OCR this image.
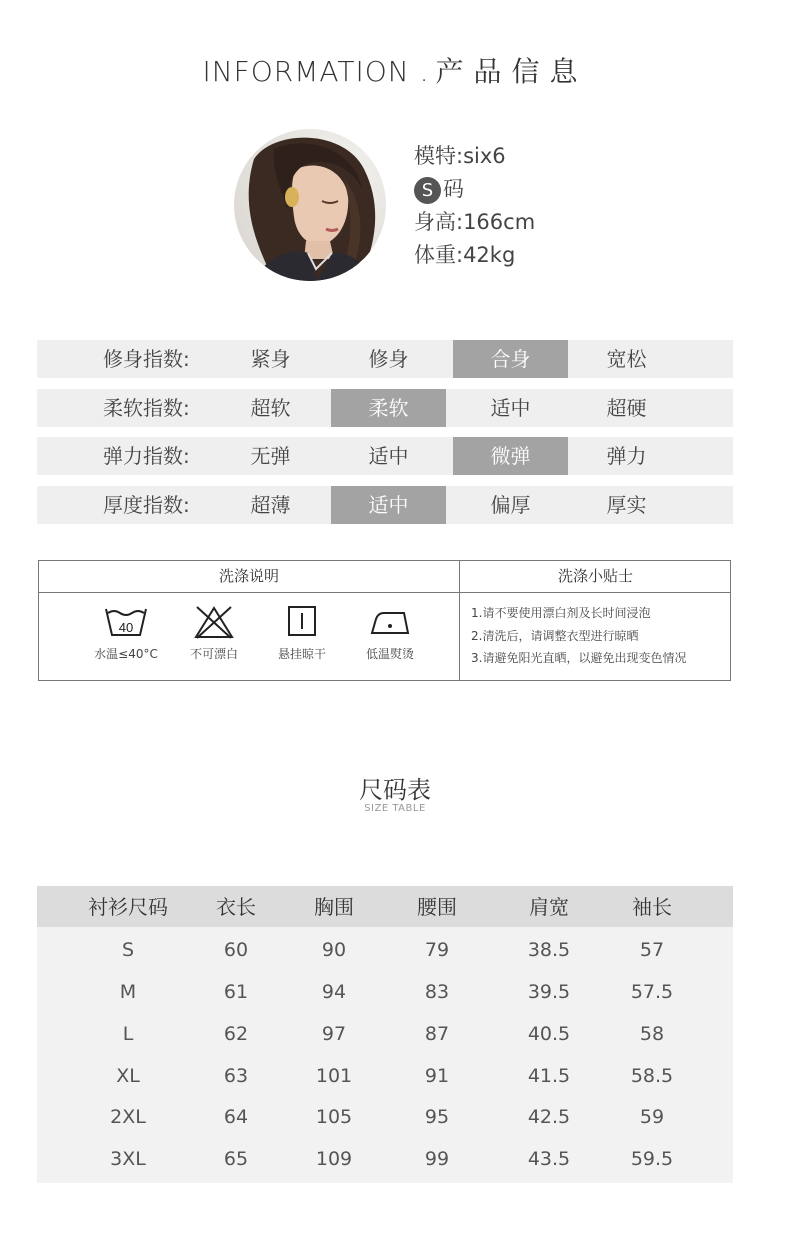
INFORMATION . 产品信息
模特:six6
S 码
身高:166cm
体重:42kg
修身指数:	紧身	修身	合身	宽松
柔软指数:	超软	柔软	适中	超硬
弹力指数:	无弹	适中	微弹	弹力
厚度指数:	超薄	适中	偏厚	厚实
洗涤说明	洗涤小贴士
40
水温≤40°C	不可漂白	悬挂晾干	低温熨烫
1.请不要使用漂白剂及长时间浸泡
2.清洗后，请调整衣型进行晾晒
3.请避免阳光直晒，以避免出现变色情况
尺码表
SIZE TABLE
衬衫尺码	衣长	胸围	腰围	肩宽	袖长
S	60	90	79	38.5	57
M	61	94	83	39.5	57.5
L	62	97	87	40.5	58
XL	63	101	91	41.5	58.5
2XL	64	105	95	42.5	59
3XL	65	109	99	43.5	59.5
